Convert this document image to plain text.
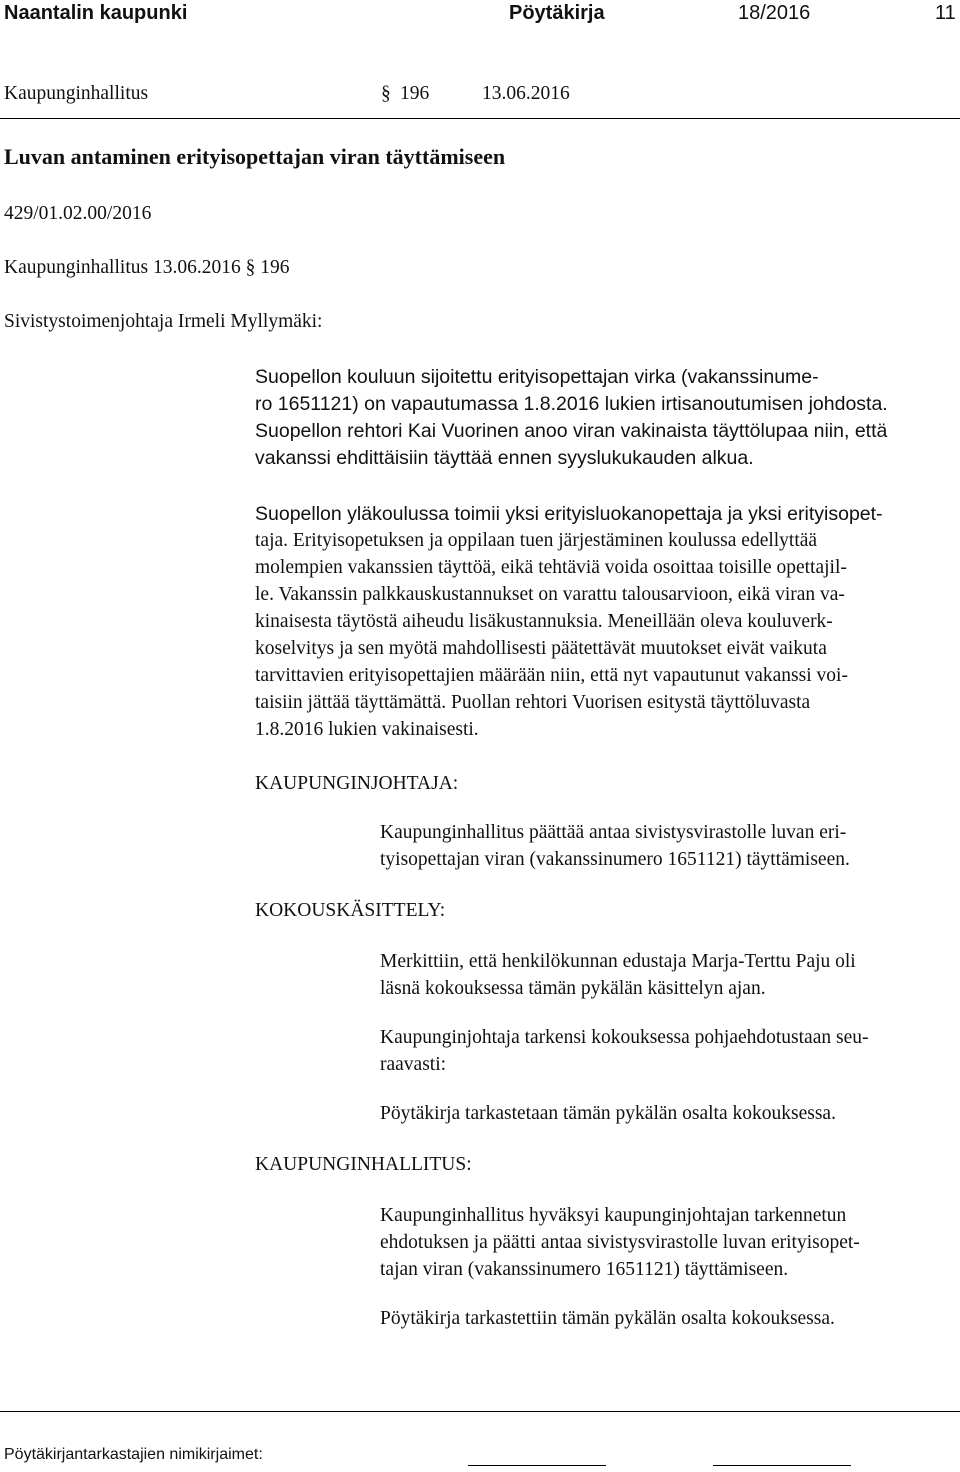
Naantalin kaupunki	Pöytäkirja	18/2016	11
Kaupunginhallitus	§ 196	13.06.2016
Luvan antaminen erityisopettajan viran täyttämiseen
429/01.02.00/2016
Kaupunginhallitus 13.06.2016 § 196
Sivistystoimenjohtaja Irmeli Myllymäki:
Suopellon kouluun sijoitettu erityisopettajan virka (vakanssinume-
ro 1651121) on vapautumassa 1.8.2016 lukien irtisanoutumisen johdosta.
Suopellon rehtori Kai Vuorinen anoo viran vakinaista täyttölupaa niin, että
vakanssi ehdittäisiin täyttää ennen syyslukukauden alkua.
Suopellon yläkoulussa toimii yksi erityisluokanopettaja ja yksi erityisopet-
taja. Erityisopetuksen ja oppilaan tuen järjestäminen koulussa edellyttää
molempien vakanssien täyttöä, eikä tehtäviä voida osoittaa toisille opettajil-
le. Vakanssin palkkauskustannukset on varattu talousarvioon, eikä viran va-
kinaisesta täytöstä aiheudu lisäkustannuksia. Meneillään oleva kouluverk-
koselvitys ja sen myötä mahdollisesti päätettävät muutokset eivät vaikuta
tarvittavien erityisopettajien määrään niin, että nyt vapautunut vakanssi voi-
taisiin jättää täyttämättä. Puollan rehtori Vuorisen esitystä täyttöluvasta
1.8.2016 lukien vakinaisesti.
KAUPUNGINJOHTAJA:
Kaupunginhallitus päättää antaa sivistysvirastolle luvan eri-
tyisopettajan viran (vakanssinumero 1651121) täyttämiseen.
KOKOUSKÄSITTELY:
Merkittiin, että henkilökunnan edustaja Marja-Terttu Paju oli
läsnä kokouksessa tämän pykälän käsittelyn ajan.
Kaupunginjohtaja tarkensi kokouksessa pohjaehdotustaan seu-
raavasti:
Pöytäkirja tarkastetaan tämän pykälän osalta kokouksessa.
KAUPUNGINHALLITUS:
Kaupunginhallitus hyväksyi kaupunginjohtajan tarkennetun
ehdotuksen ja päätti antaa sivistysvirastolle luvan erityisopet-
tajan viran (vakanssinumero 1651121) täyttämiseen.
Pöytäkirja tarkastettiin tämän pykälän osalta kokouksessa.
Pöytäkirjantarkastajien nimikirjaimet:
